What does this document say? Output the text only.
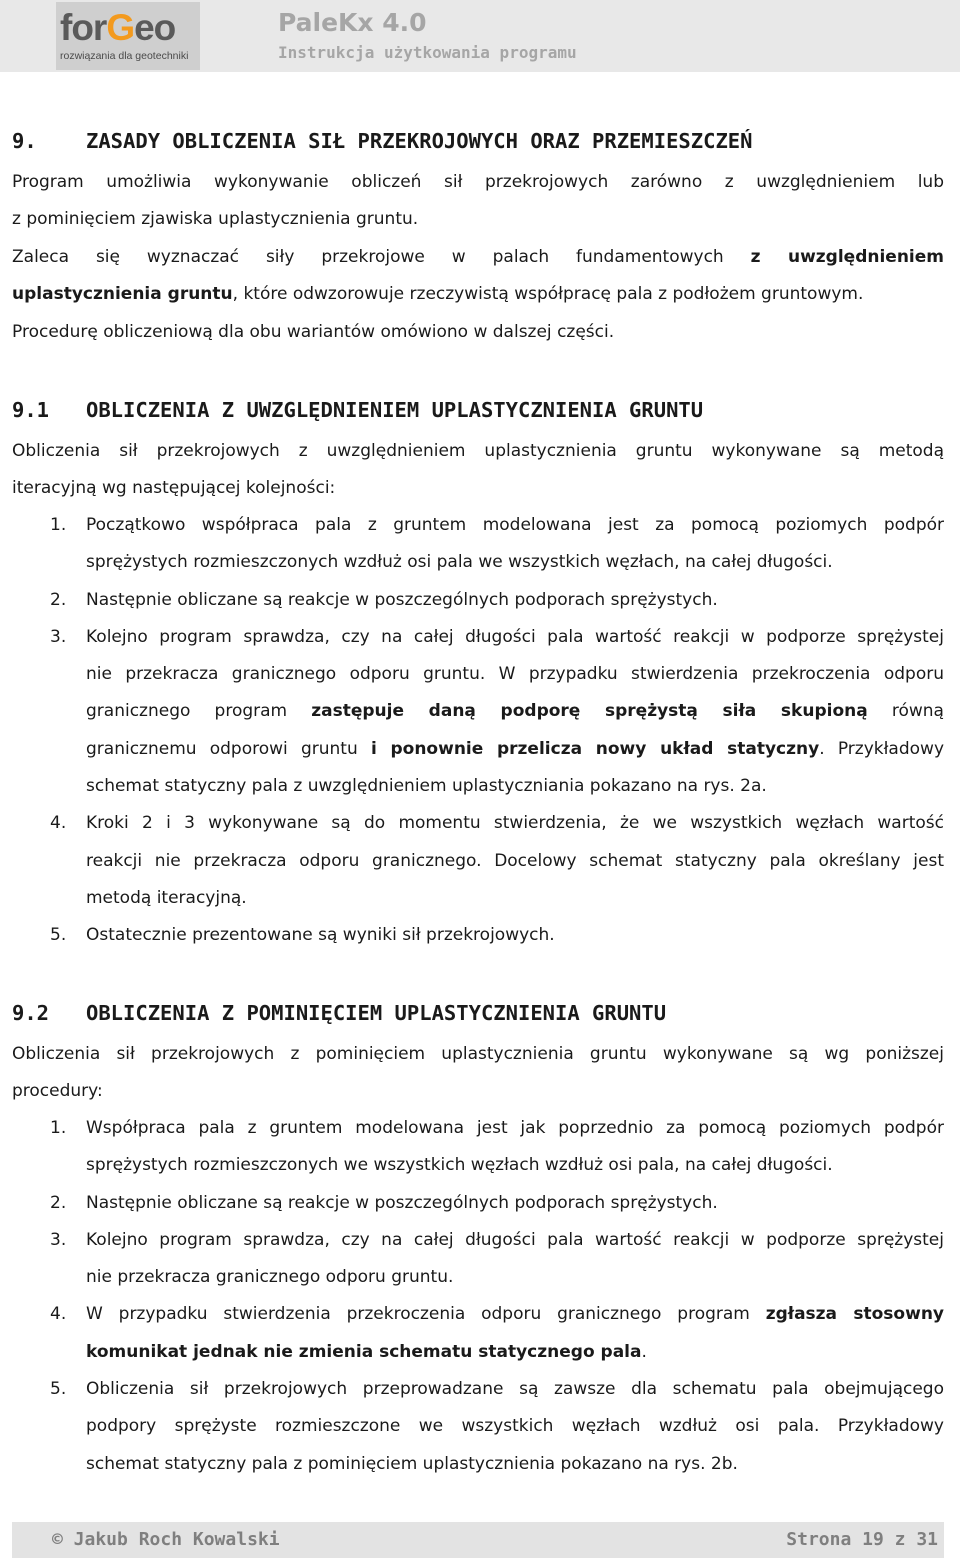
forGeo
rozwiązania dla geotechniki
PaleKx 4.0
Instrukcja użytkowania programu
9. ZASADY OBLICZENIA SIŁ PRZEKROJOWYCH ORAZ PRZEMIESZCZEŃ
Program umożliwia wykonywanie obliczeń sił przekrojowych zarówno z uwzględnieniem lub
z pominięciem zjawiska uplastycznienia gruntu.
Zaleca się wyznaczać siły przekrojowe w palach fundamentowych z uwzględnieniem
uplastycznienia gruntu, które odwzorowuje rzeczywistą współpracę pala z podłożem gruntowym.
Procedurę obliczeniową dla obu wariantów omówiono w dalszej części.
9.1 OBLICZENIA Z UWZGLĘDNIENIEM UPLASTYCZNIENIA GRUNTU
Obliczenia sił przekrojowych z uwzględnieniem uplastycznienia gruntu wykonywane są metodą
iteracyjną wg następującej kolejności:
1. Początkowo współpraca pala z gruntem modelowana jest za pomocą poziomych podpór
sprężystych rozmieszczonych wzdłuż osi pala we wszystkich węzłach, na całej długości.
2. Następnie obliczane są reakcje w poszczególnych podporach sprężystych.
3. Kolejno program sprawdza, czy na całej długości pala wartość reakcji w podporze sprężystej
nie przekracza granicznego odporu gruntu. W przypadku stwierdzenia przekroczenia odporu
granicznego program zastępuje daną podporę sprężystą siła skupioną równą
granicznemu odporowi gruntu i ponownie przelicza nowy układ statyczny. Przykładowy
schemat statyczny pala z uwzględnieniem uplastyczniania pokazano na rys. 2a.
4. Kroki 2 i 3 wykonywane są do momentu stwierdzenia, że we wszystkich węzłach wartość
reakcji nie przekracza odporu granicznego. Docelowy schemat statyczny pala określany jest
metodą iteracyjną.
5. Ostatecznie prezentowane są wyniki sił przekrojowych.
9.2 OBLICZENIA Z POMINIĘCIEM UPLASTYCZNIENIA GRUNTU
Obliczenia sił przekrojowych z pominięciem uplastycznienia gruntu wykonywane są wg poniższej
procedury:
1. Współpraca pala z gruntem modelowana jest jak poprzednio za pomocą poziomych podpór
sprężystych rozmieszczonych we wszystkich węzłach wzdłuż osi pala, na całej długości.
2. Następnie obliczane są reakcje w poszczególnych podporach sprężystych.
3. Kolejno program sprawdza, czy na całej długości pala wartość reakcji w podporze sprężystej
nie przekracza granicznego odporu gruntu.
4. W przypadku stwierdzenia przekroczenia odporu granicznego program zgłasza stosowny
komunikat jednak nie zmienia schematu statycznego pala.
5. Obliczenia sił przekrojowych przeprowadzane są zawsze dla schematu pala obejmującego
podpory sprężyste rozmieszczone we wszystkich węzłach wzdłuż osi pala. Przykładowy
schemat statyczny pala z pominięciem uplastycznienia pokazano na rys. 2b.
© Jakub Roch Kowalski	Strona 19 z 31
